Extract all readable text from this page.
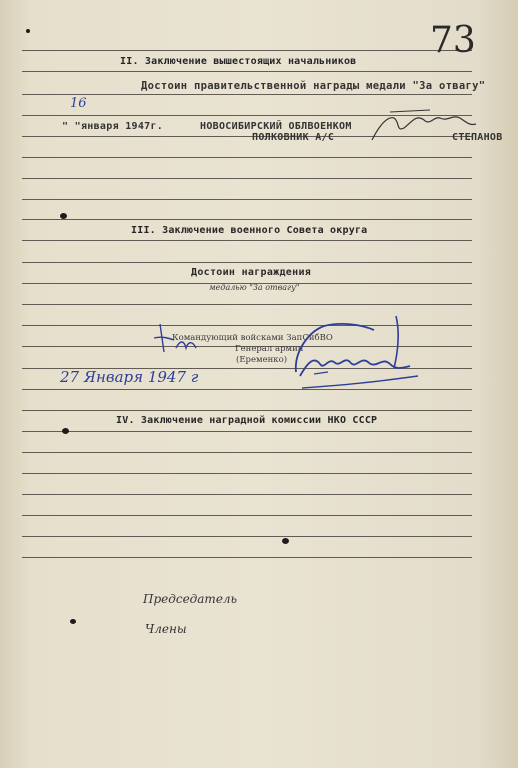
73
II. Заключение вышестоящих начальников
Достоин правительственной награды медали "За отвагу"
16
" "января 1947г.	НОВОСИБИРСКИЙ ОБЛВОЕНКОМ
ПОЛКОВНИК А/С	СТЕПАНОВ
III. Заключение военного Совета округа
Достоин награждения
медалью "За отвагу"
Командующий войсками ЗапСибВО
Генерал армии
(Еременко)
27 Января 1947 г
IV. Заключение наградной комиссии НКО СССР
Председатель
Члены
